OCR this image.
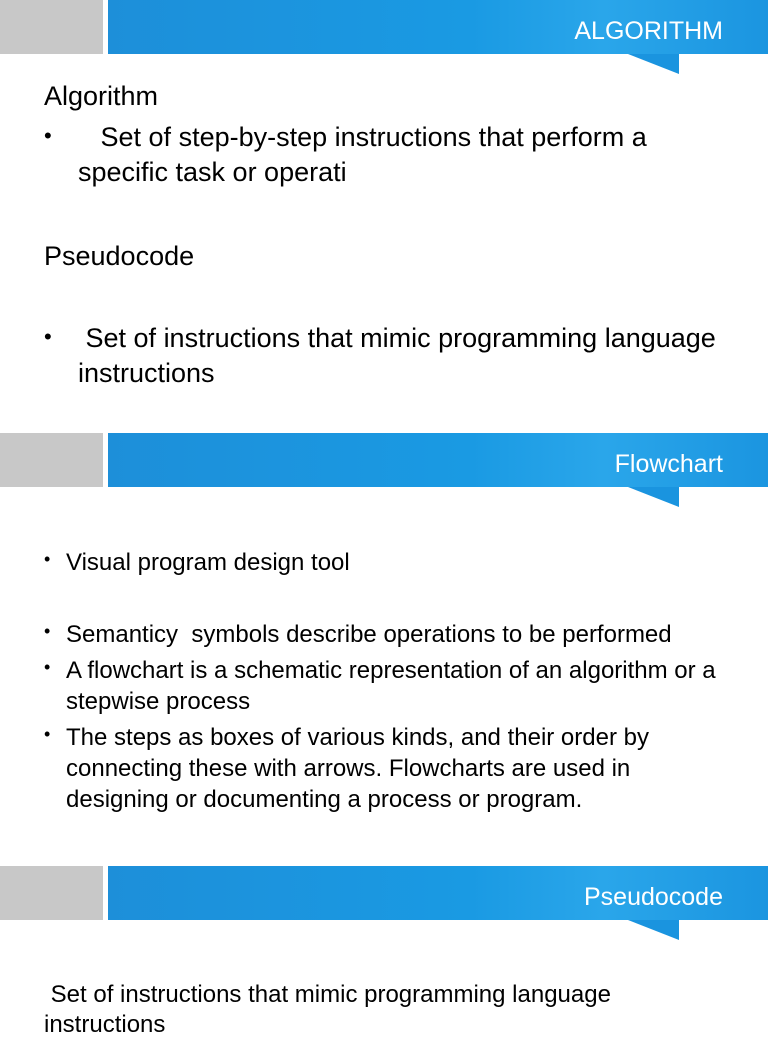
ALGORITHM
Algorithm
• Set of step-by-step instructions that perform a specific task or operati
Pseudocode
• Set of instructions that mimic programming language instructions
Flowchart
• Visual program design tool
• Semanticy  symbols describe operations to be performed
• A flowchart is a schematic representation of an algorithm or a stepwise process
• The steps as boxes of various kinds, and their order by connecting these with arrows. Flowcharts are used in designing or documenting a process or program.
Pseudocode
Set of instructions that mimic programming language instructions
